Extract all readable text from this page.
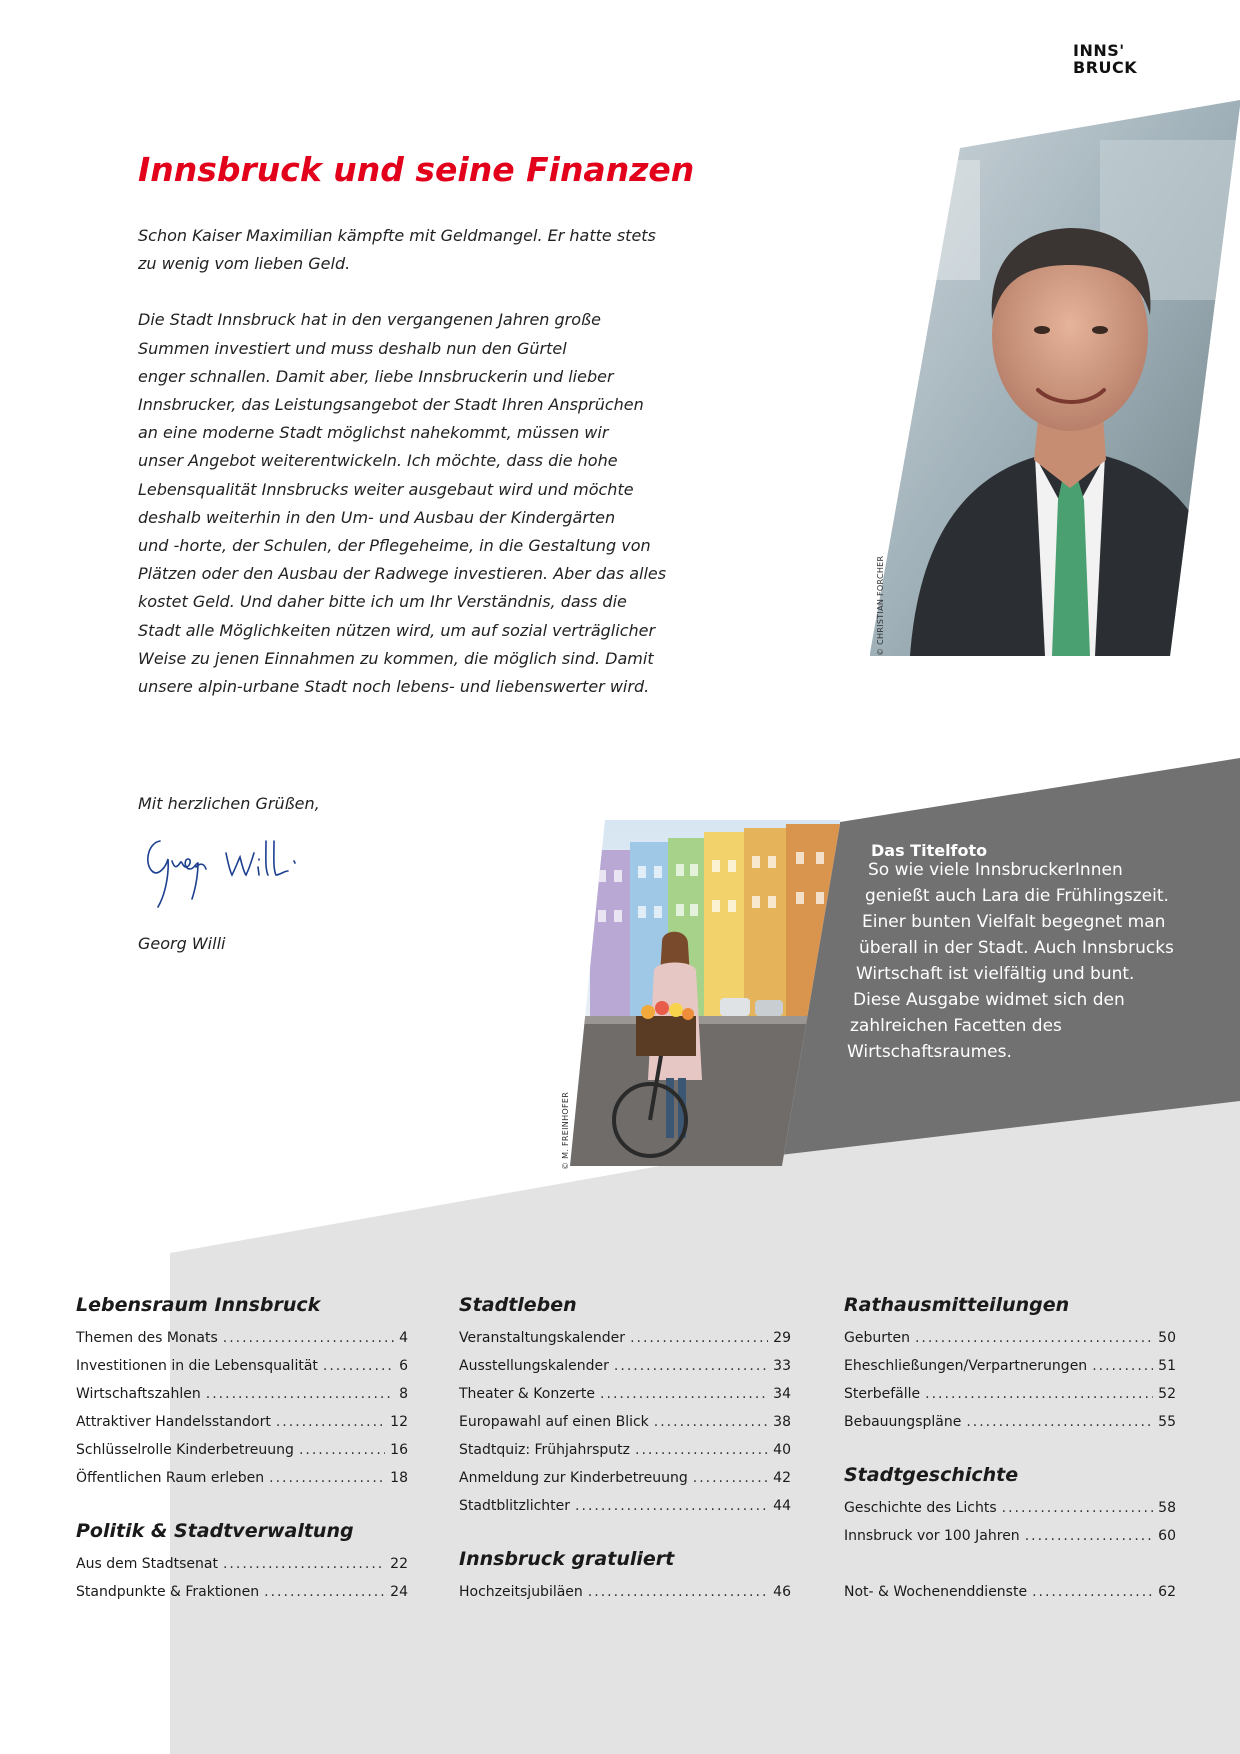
INNS'
BRUCK
Innsbruck und seine Finanzen

Schon Kaiser Maximilian kämpfte mit Geldmangel. Er hatte stets
zu wenig vom lieben Geld.

Die Stadt Innsbruck hat in den vergangenen Jahren große
Summen investiert und muss deshalb nun den Gürtel
enger schnallen. Damit aber, liebe Innsbruckerin und lieber
Innsbrucker, das Leistungsangebot der Stadt Ihren Ansprüchen
an eine moderne Stadt möglichst nahekommt, müssen wir
unser Angebot weiterentwickeln. Ich möchte, dass die hohe
Lebensqualität Innsbrucks weiter ausgebaut wird und möchte
deshalb weiterhin in den Um- und Ausbau der Kindergärten
und -horte, der Schulen, der Pflegeheime, in die Gestaltung von
Plätzen oder den Ausbau der Radwege investieren. Aber das alles
kostet Geld. Und daher bitte ich um Ihr Verständnis, dass die
Stadt alle Möglichkeiten nützen wird, um auf sozial verträglicher
Weise zu jenen Einnahmen zu kommen, die möglich sind. Damit
unsere alpin-urbane Stadt noch lebens- und liebenswerter wird.

Mit herzlichen Grüßen,
Georg Willi
© CHRISTIAN FORCHER
© M. FREINHOFER
Das Titelfoto
So wie viele InnsbruckerInnen
genießt auch Lara die Frühlingszeit.
Einer bunten Vielfalt begegnet man
überall in der Stadt. Auch Innsbrucks
Wirtschaft ist vielfältig und bunt.
Diese Ausgabe widmet sich den
zahlreichen Facetten des
Wirtschaftsraumes.
Lebensraum Innsbruck
Themen des Monats .....	4
Investitionen in die Lebensqualität .....	6
Wirtschaftszahlen .....	8
Attraktiver Handelsstandort .....	12
Schlüsselrolle Kinderbetreuung .....	16
Öffentlichen Raum erleben .....	18
Politik & Stadtverwaltung
Aus dem Stadtsenat .....	22
Standpunkte & Fraktionen .....	24
Stadtleben
Veranstaltungskalender .....	29
Ausstellungskalender .....	33
Theater & Konzerte .....	34
Europawahl auf einen Blick .....	38
Stadtquiz: Frühjahrsputz .....	40
Anmeldung zur Kinderbetreuung .....	42
Stadtblitzlichter .....	44
Innsbruck gratuliert
Hochzeitsjubiläen .....	46
Rathausmitteilungen
Geburten .....	50
Eheschließungen/Verpartnerungen .....	51
Sterbefälle .....	52
Bebauungspläne .....	55
Stadtgeschichte
Geschichte des Lichts .....	58
Innsbruck vor 100 Jahren .....	60
Not- & Wochenenddienste .....	62
